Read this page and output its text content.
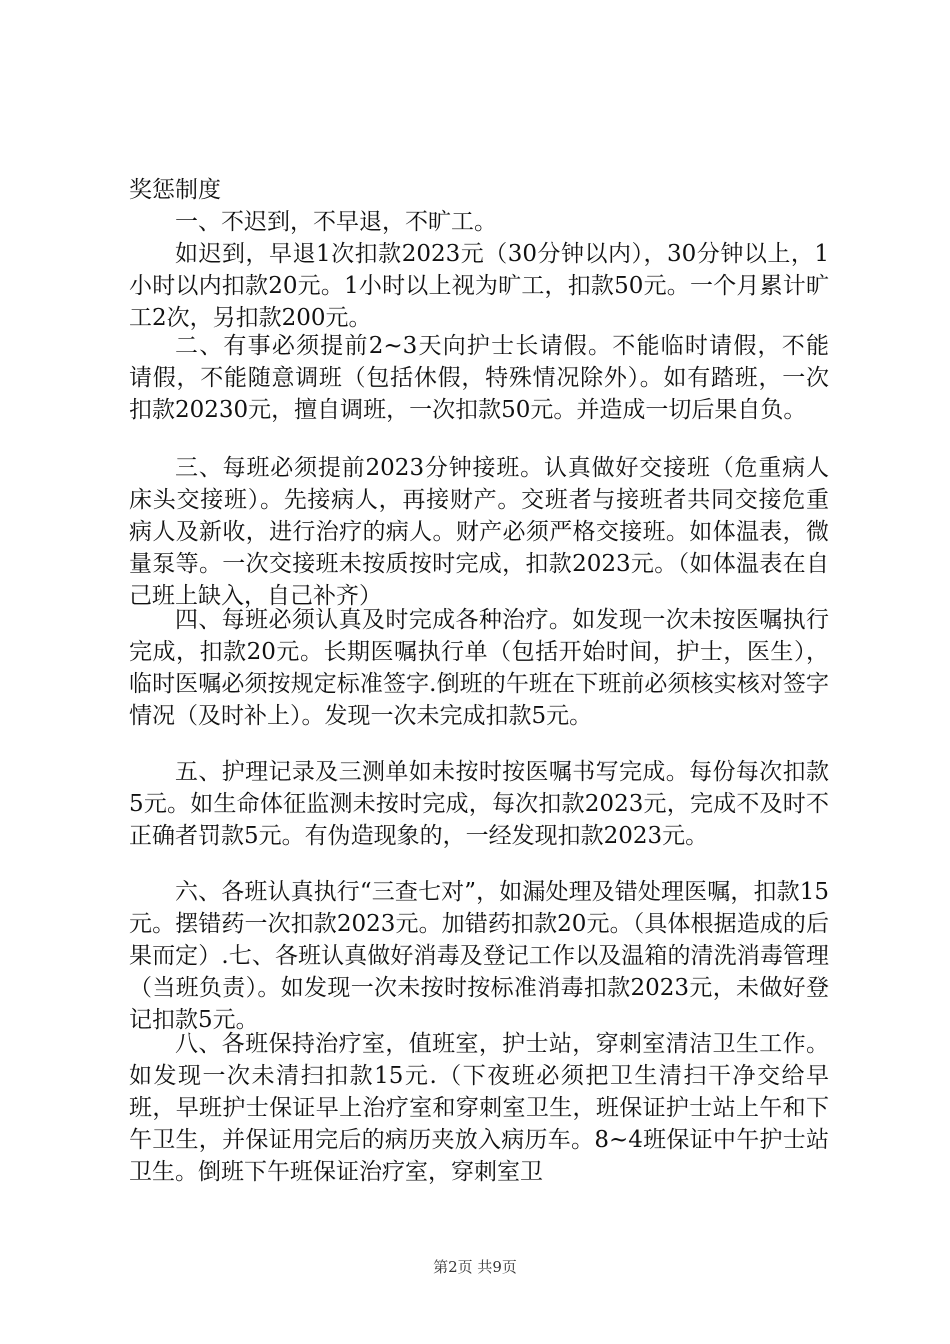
奖惩制度

一、不迟到，不早退，不旷工。

如迟到，早退1次扣款2023元（30分钟以内），30分钟以上，1小时以内扣款20元。1小时以上视为旷工，扣款50元。一个月累计旷工2次，另扣款200元。

二、有事必须提前2~3天向护士长请假。不能临时请假，不能　请假，不能随意调班（包括休假，特殊情况除外）。如有踏班，一次扣款20230元，擅自调班，一次扣款50元。并造成一切后果自负。

三、每班必须提前2023分钟接班。认真做好交接班（危重病人床头交接班）。先接病人，再接财产。交班者与接班者共同交接危重病人及新收，进行治疗的病人。财产必须严格交接班。如体温表，微量泵等。一次交接班未按质按时完成，扣款2023元。（如体温表在自己班上缺入，自己补齐）

四、每班必须认真及时完成各种治疗。如发现一次未按医嘱执行完成，扣款20元。长期医嘱执行单（包括开始时间，护士，医生），临时医嘱必须按规定标准签字.倒班的午班在下班前必须核实核对签字情况（及时补上）。发现一次未完成扣款5元。

五、护理记录及三测单如未按时按医嘱书写完成。每份每次扣款5元。如生命体征监测未按时完成，每次扣款2023元，完成不及时不正确者罚款5元。有伪造现象的，一经发现扣款2023元。

六、各班认真执行“三查七对”，如漏处理及错处理医嘱，扣款15元。摆错药一次扣款2023元。加错药扣款20元。（具体根据造成的后果而定）.七、各班认真做好消毒及登记工作以及温箱的清洗消毒管理（当班负责）。如发现一次未按时按标准消毒扣款2023元，未做好登记扣款5元。

八、各班保持治疗室，值班室，护士站，穿刺室清洁卫生工作。如发现一次未清扫扣款15元.（下夜班必须把卫生清扫干净交给早班，早班护士保证早上治疗室和穿刺室卫生，班保证护士站上午和下午卫生，并保证用完后的病历夹放入病历车。8~4班保证中午护士站卫生。倒班下午班保证治疗室，穿刺室卫

第2页 共9页
